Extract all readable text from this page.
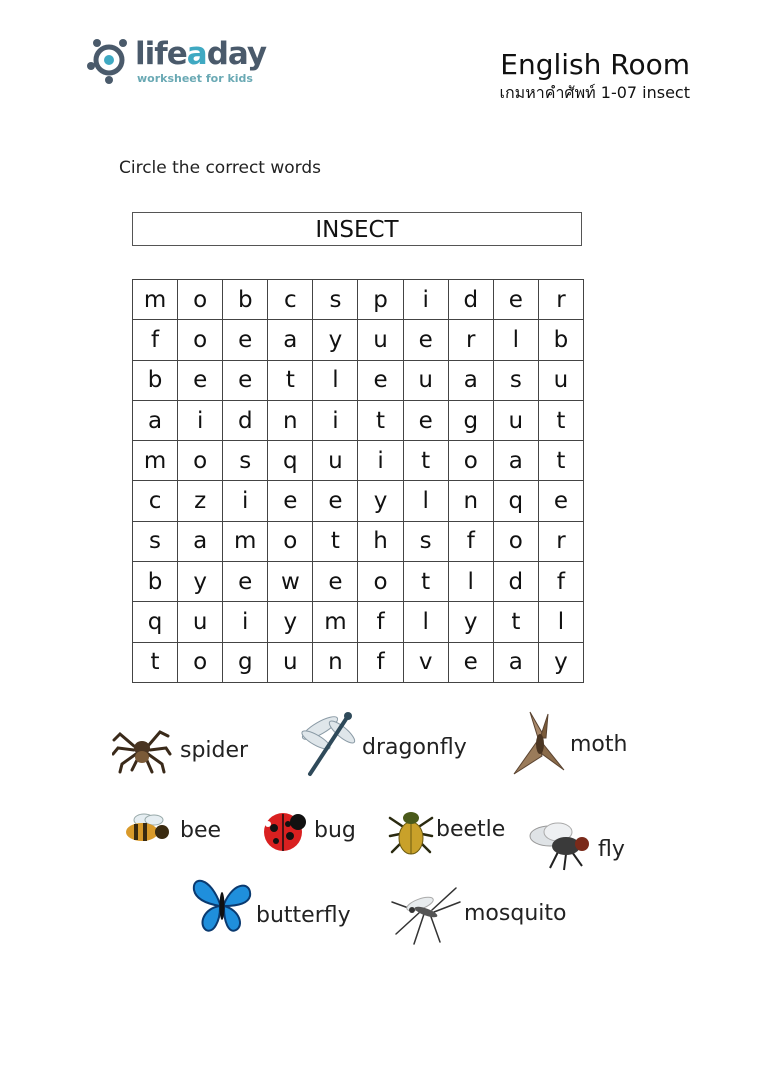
lifeaday
worksheet for kids	English Room
เกมหาคำศัพท์ 1-07 insect
Circle the correct words
INSECT
m	o	b	c	s	p	i	d	e	r
f	o	e	a	y	u	e	r	l	b
b	e	e	t	l	e	u	a	s	u
a	i	d	n	i	t	e	g	u	t
m	o	s	q	u	i	t	o	a	t
c	z	i	e	e	y	l	n	q	e
s	a	m	o	t	h	s	f	o	r
b	y	e	w	e	o	t	l	d	f
q	u	i	y	m	f	l	y	t	l
t	o	g	u	n	f	v	e	a	y
spider	dragonfly	moth
bee	bug	beetle
fly
butterfly	mosquito
